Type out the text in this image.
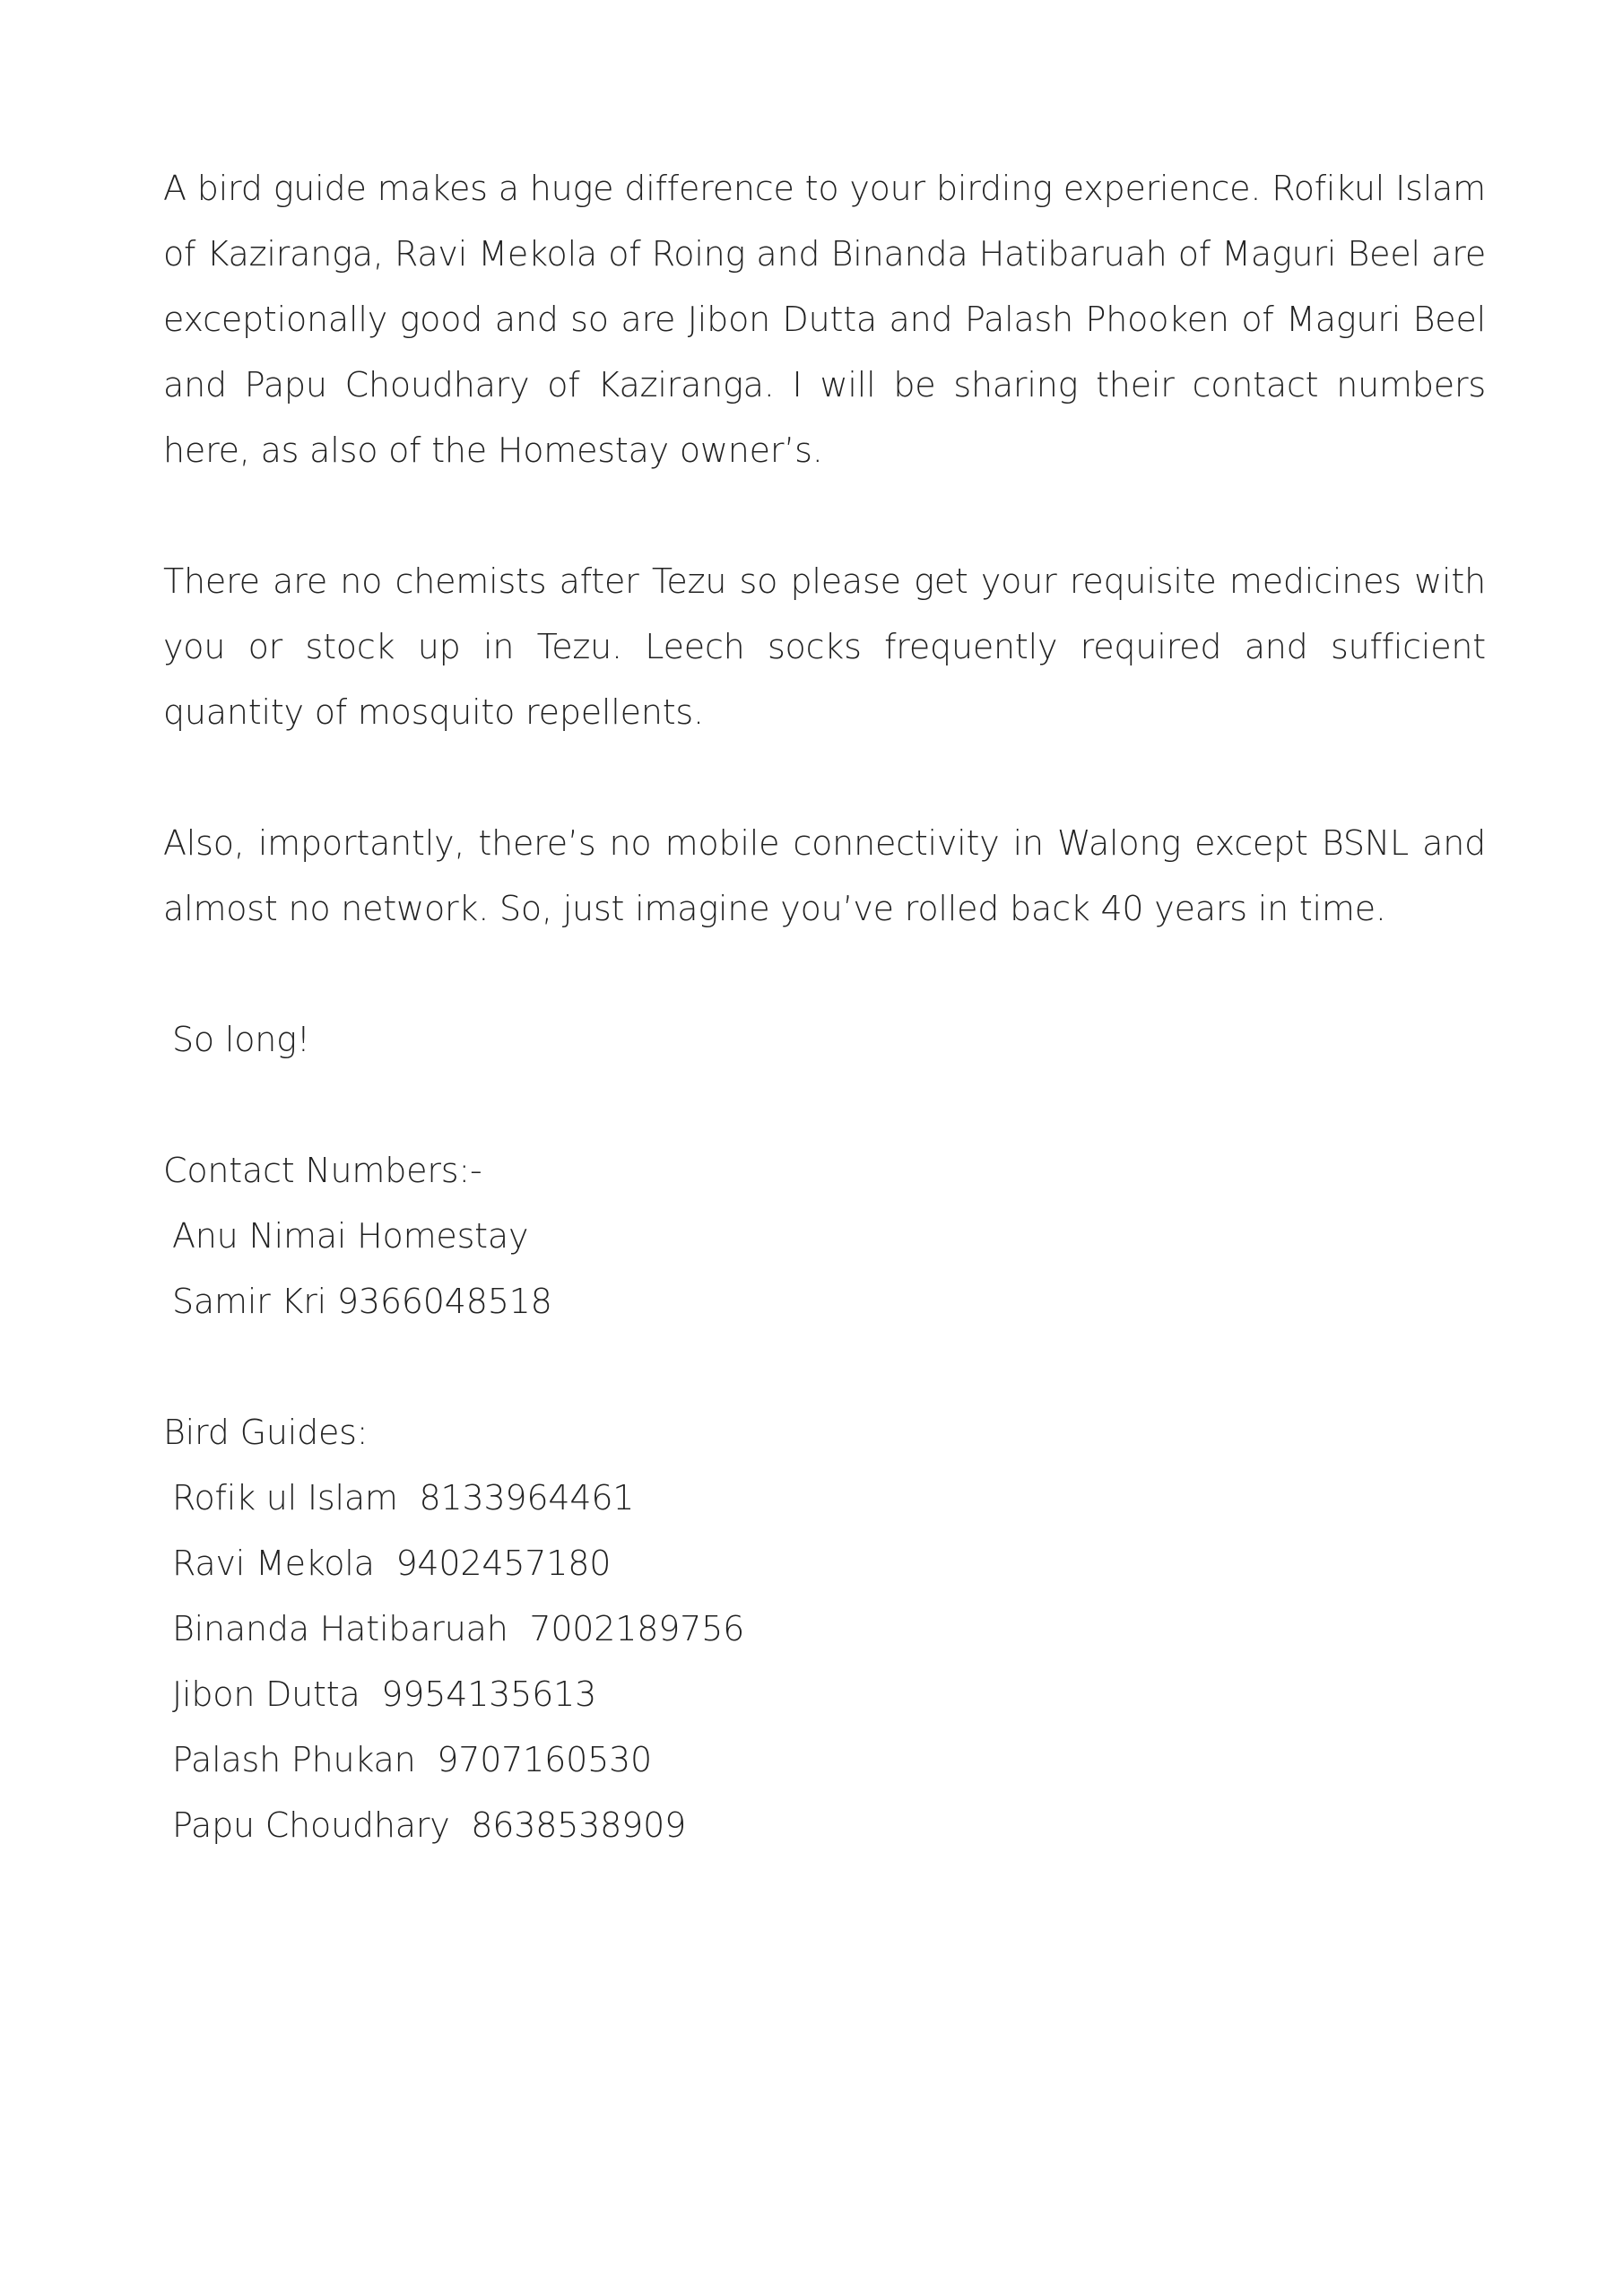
A bird guide makes a huge difference to your birding experience. Rofikul Islam of Kaziranga, Ravi Mekola of Roing and Binanda Hatibaruah of Maguri Beel are exceptionally good and so are Jibon Dutta and Palash Phooken of Maguri Beel and Papu Choudhary of Kaziranga. I will be sharing their contact numbers here, as also of the Homestay owner’s.

There are no chemists after Tezu so please get your requisite medicines with you or stock up in Tezu. Leech socks frequently required and sufficient quantity of mosquito repellents.

Also, importantly, there’s no mobile connectivity in Walong except BSNL and almost no network. So, just imagine you’ve rolled back 40 years in time.

So long!
Contact Numbers:-
Anu Nimai Homestay
Samir Kri 9366048518
Bird Guides:
Rofik ul Islam  8133964461
Ravi Mekola  9402457180
Binanda Hatibaruah  7002189756
Jibon Dutta  9954135613
Palash Phukan  9707160530
Papu Choudhary  8638538909
